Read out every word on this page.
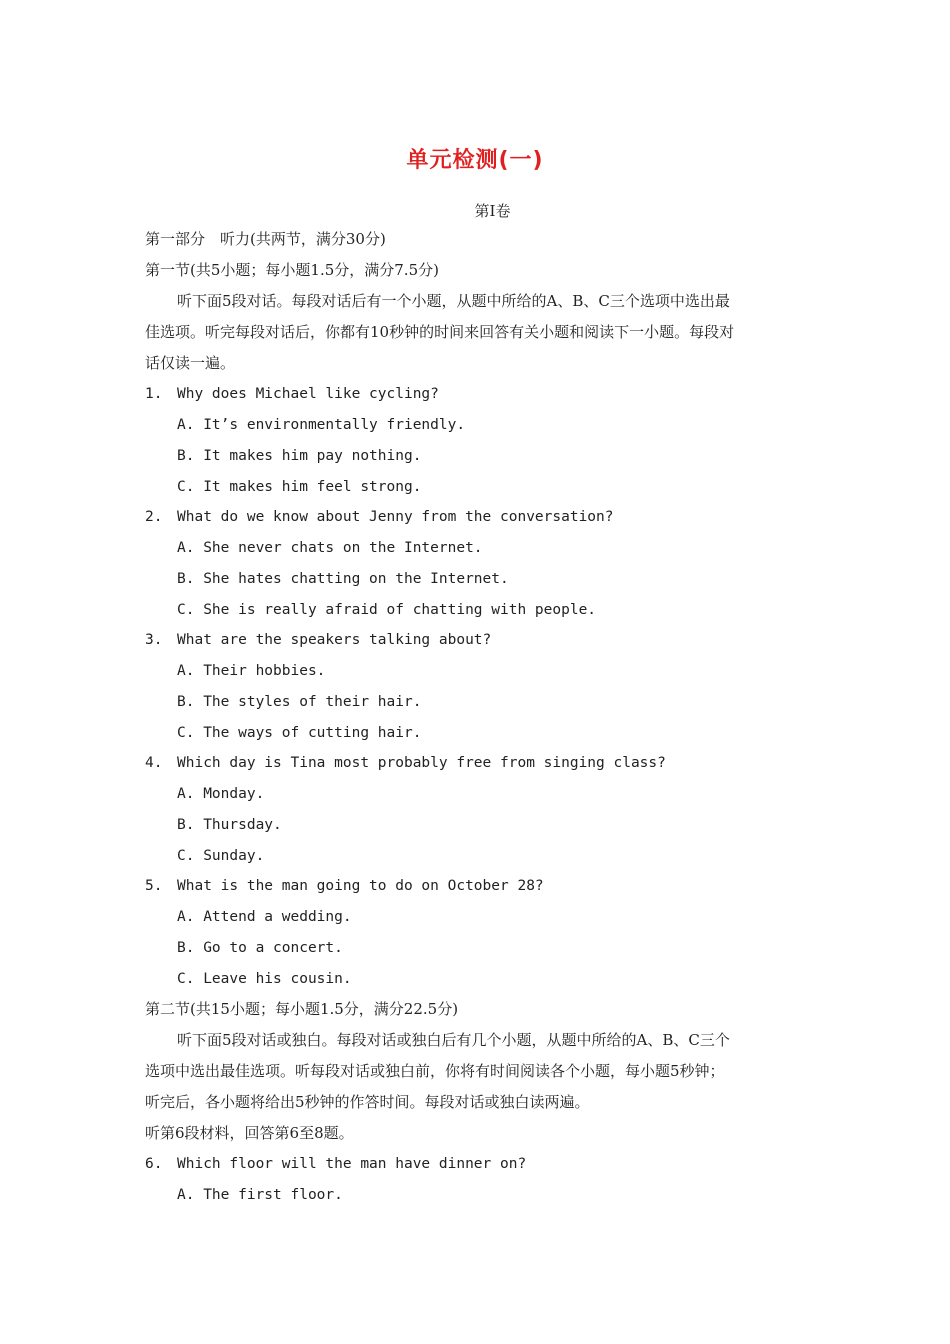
单元检测(一)
第Ⅰ卷
第一部分　听力(共两节，满分30分)
第一节(共5小题；每小题1.5分，满分7.5分)
听下面5段对话。每段对话后有一个小题，从题中所给的A、B、C三个选项中选出最
佳选项。听完每段对话后，你都有10秒钟的时间来回答有关小题和阅读下一小题。每段对
话仅读一遍。
1.	Why does Michael like cycling?
A. It’s environmentally friendly.
B. It makes him pay nothing.
C. It makes him feel strong.
2.	What do we know about Jenny from the conversation?
A. She never chats on the Internet.
B. She hates chatting on the Internet.
C. She is really afraid of chatting with people.
3.	What are the speakers talking about?
A. Their hobbies.
B. The styles of their hair.
C. The ways of cutting hair.
4.	Which day is Tina most probably free from singing class?
A. Monday.
B. Thursday.
C. Sunday.
5.	What is the man going to do on October 28?
A. Attend a wedding.
B. Go to a concert.
C. Leave his cousin.
第二节(共15小题；每小题1.5分，满分22.5分)
听下面5段对话或独白。每段对话或独白后有几个小题，从题中所给的A、B、C三个
选项中选出最佳选项。听每段对话或独白前，你将有时间阅读各个小题，每小题5秒钟；
听完后，各小题将给出5秒钟的作答时间。每段对话或独白读两遍。
听第6段材料，回答第6至8题。
6.	Which floor will the man have dinner on?
A. The first floor.
